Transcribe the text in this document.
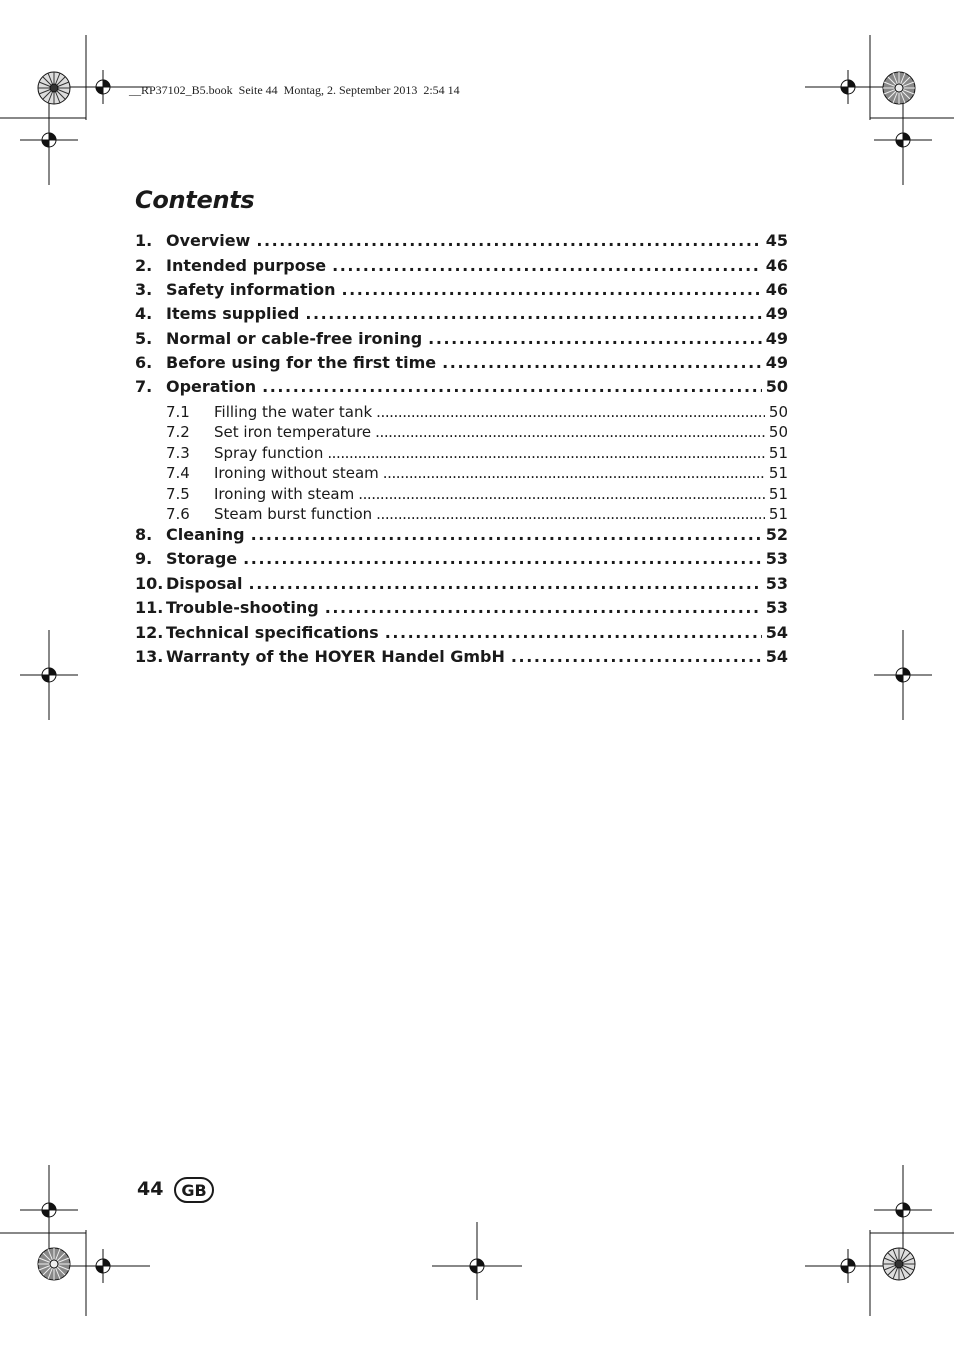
__RP37102_B5.book  Seite 44  Montag, 2. September 2013  2:54 14
Contents
1. Overview . . .	45
2. Intended purpose . . .	46
3. Safety information . . .	46
4. Items supplied . . .	49
5. Normal or cable-free ironing . . .	49
6. Before using for the first time . . .	49
7. Operation . . .	50
7.1	Filling the water tank . . .	50
7.2	Set iron temperature . . .	50
7.3	Spray function . . .	51
7.4	Ironing without steam . . .	51
7.5	Ironing with steam . . .	51
7.6	Steam burst function . . .	51
8. Cleaning . . .	52
9. Storage . . .	53
10. Disposal . . .	53
11. Trouble-shooting . . .	53
12. Technical specifications . . .	54
13. Warranty of the HOYER Handel GmbH . . .	54
44	GB
